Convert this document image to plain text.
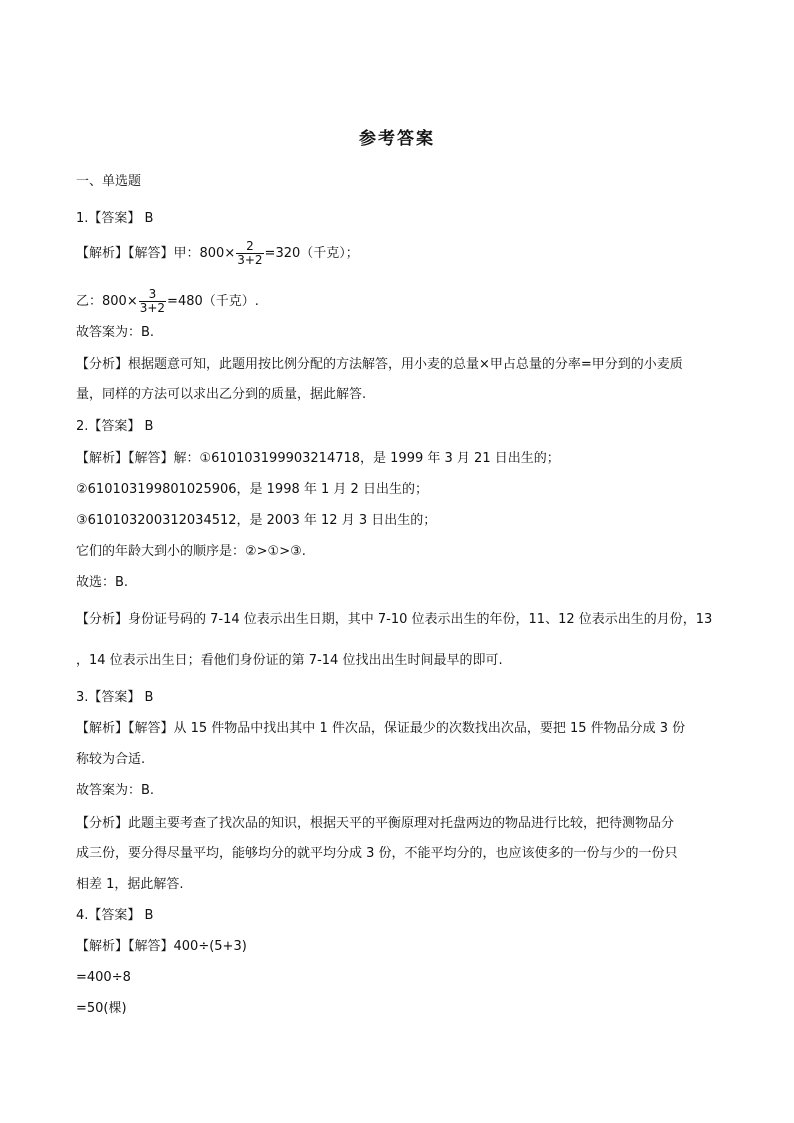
参考答案
一、单选题
1.【答案】 B
【解析】【解答】甲：$800\times \frac{2}{3+2} =320$（千克）；
乙：$800\times \frac{3}{3+2} =480$（千克）.
故答案为：B.
【分析】根据题意可知，此题用按比例分配的方法解答，用小麦的总量×甲占总量的分率=甲分到的小麦质
量，同样的方法可以求出乙分到的质量，据此解答.
2.【答案】 B
【解析】【解答】解：①610103199903214718，是 1999 年 3 月 21 日出生的；
②610103199801025906，是 1998 年 1 月 2 日出生的；
③610103200312034512，是 2003 年 12 月 3 日出生的；
它们的年龄大到小的顺序是：②>①>③.
故选：B.
【分析】身份证号码的 7-14 位表示出生日期，其中 7-10 位表示出生的年份，11、12 位表示出生的月份，13
，14 位表示出生日；看他们身份证的第 7-14 位找出出生时间最早的即可.
3.【答案】 B
【解析】【解答】从 15 件物品中找出其中 1 件次品，保证最少的次数找出次品，要把 15 件物品分成 3 份
称较为合适.
故答案为：B.
【分析】此题主要考查了找次品的知识，根据天平的平衡原理对托盘两边的物品进行比较，把待测物品分
成三份，要分得尽量平均，能够均分的就平均分成 3 份，不能平均分的，也应该使多的一份与少的一份只
相差 1，据此解答.
4.【答案】 B
【解析】【解答】400÷(5+3)
=400÷8
=50(棵)
